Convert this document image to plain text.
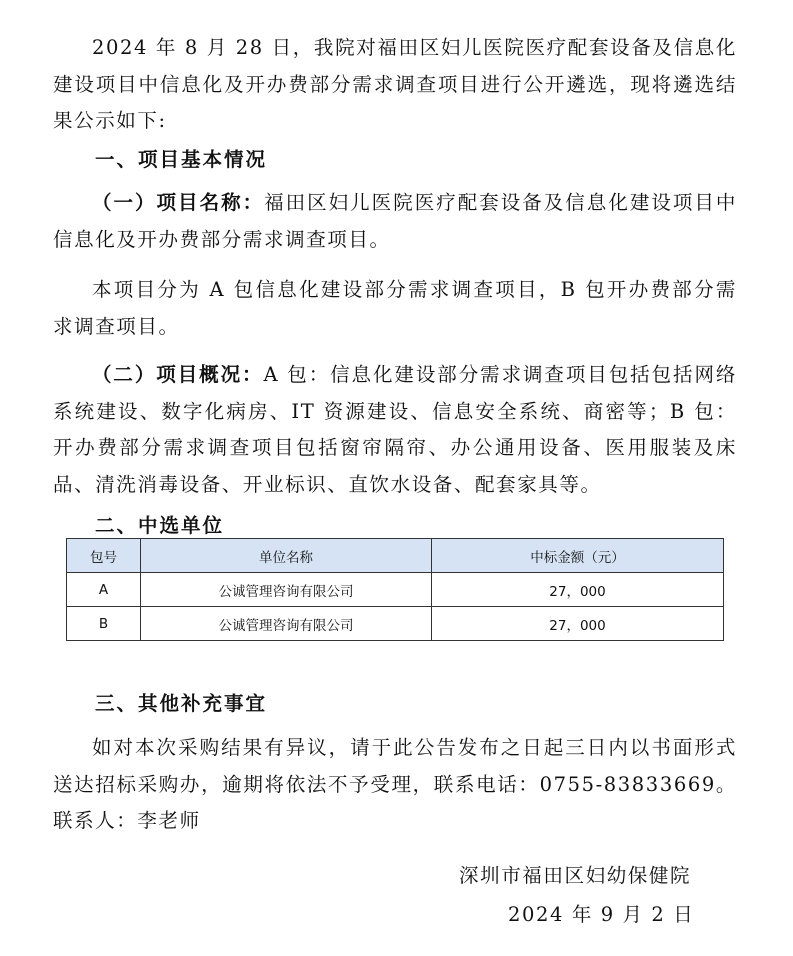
2024 年 8 月 28 日，我院对福田区妇儿医院医疗配套设备及信息化建设项目中信息化及开办费部分需求调查项目进行公开遴选，现将遴选结果公示如下:

一、项目基本情况

（一）项目名称：福田区妇儿医院医疗配套设备及信息化建设项目中信息化及开办费部分需求调查项目。

本项目分为 A 包信息化建设部分需求调查项目，B 包开办费部分需求调查项目。

（二）项目概况：A 包：信息化建设部分需求调查项目包括包括网络系统建设、数字化病房、IT 资源建设、信息安全系统、商密等；B 包：开办费部分需求调查项目包括窗帘隔帘、办公通用设备、医用服装及床品、清洗消毒设备、开业标识、直饮水设备、配套家具等。

二、中选单位
包号	单位名称	中标金额（元）
A	公诚管理咨询有限公司	27，000
B	公诚管理咨询有限公司	27，000
三、其他补充事宜

如对本次采购结果有异议，请于此公告发布之日起三日内以书面形式送达招标采购办，逾期将依法不予受理，联系电话：0755-83833669。联系人：李老师

深圳市福田区妇幼保健院

2024 年 9 月 2 日
